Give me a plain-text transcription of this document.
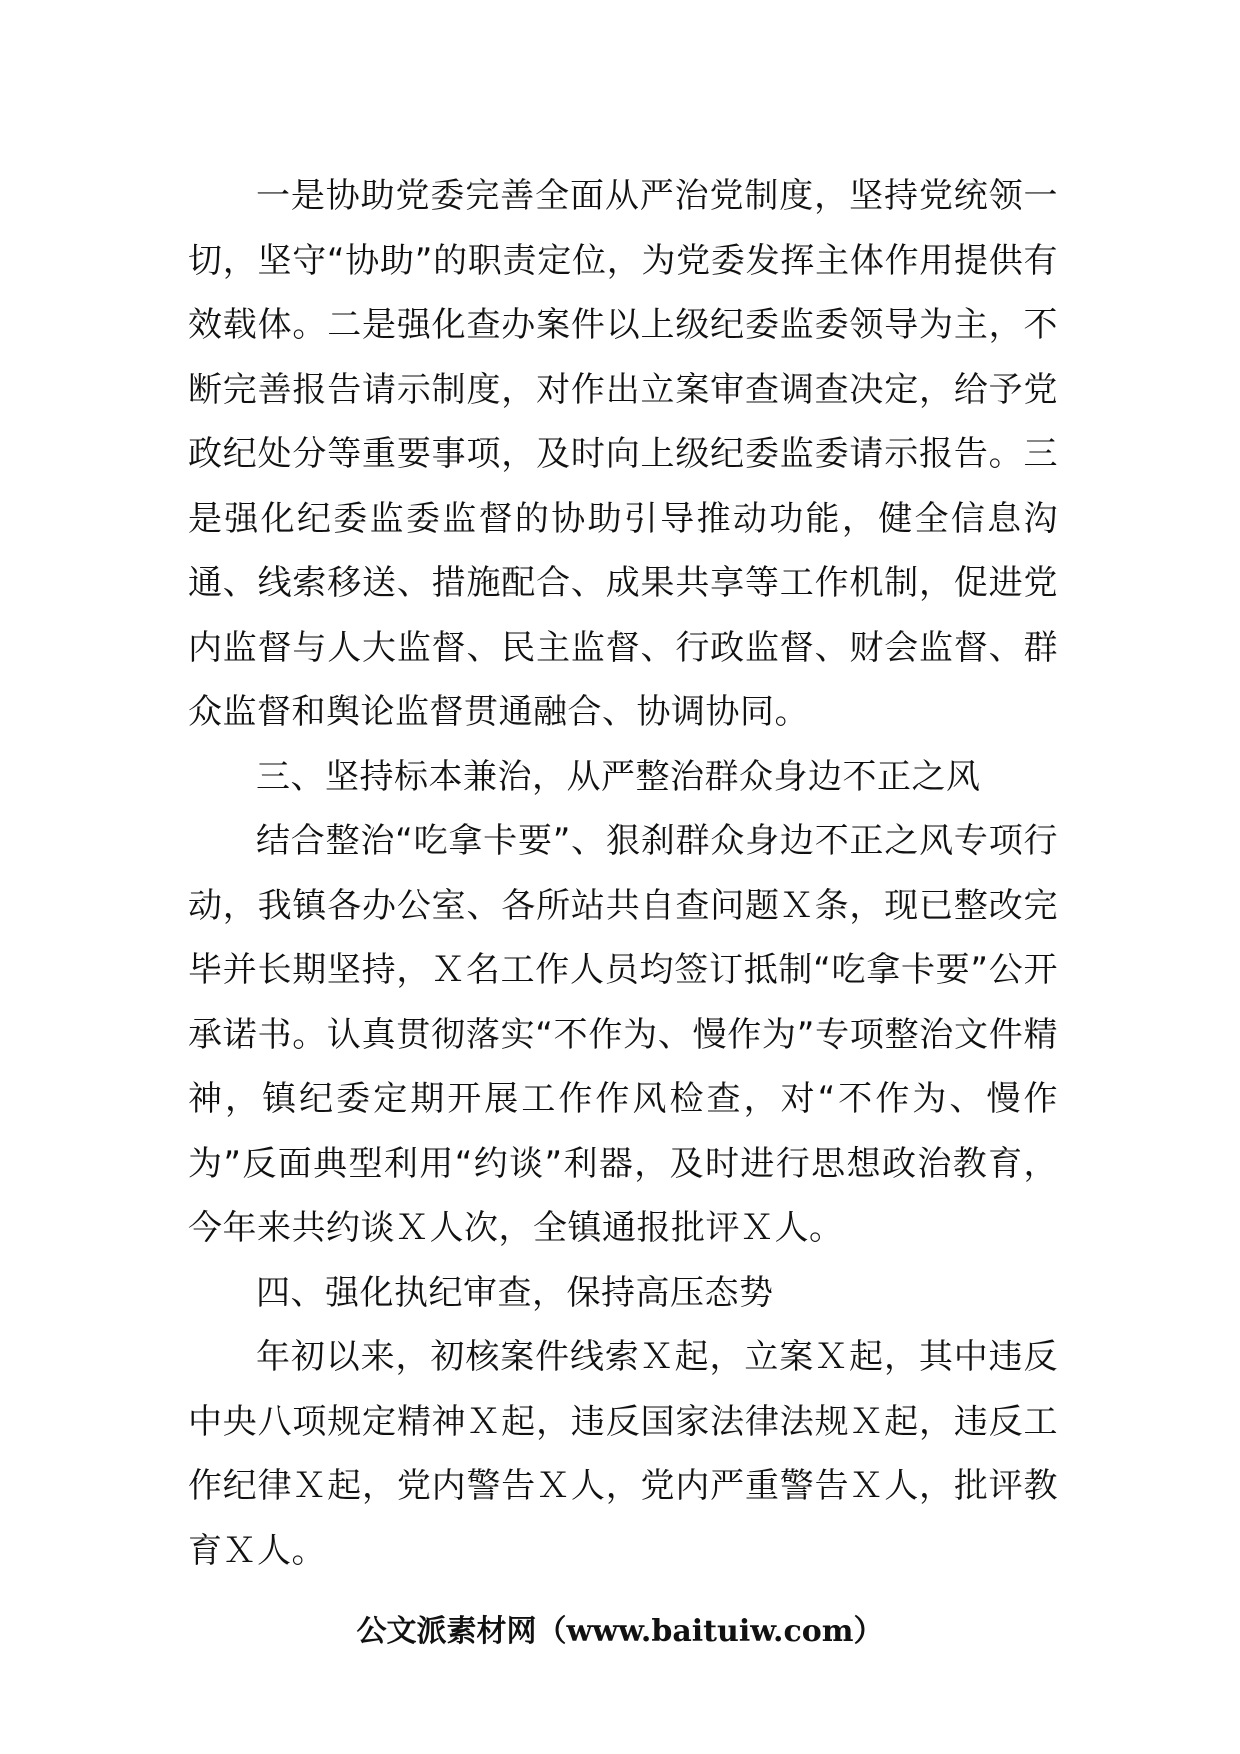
一是协助党委完善全面从严治党制度，坚持党统领一切，坚守“协助”的职责定位，为党委发挥主体作用提供有效载体。二是强化查办案件以上级纪委监委领导为主，不断完善报告请示制度，对作出立案审查调查决定，给予党政纪处分等重要事项，及时向上级纪委监委请示报告。三是强化纪委监委监督的协助引导推动功能，健全信息沟通、线索移送、措施配合、成果共享等工作机制，促进党内监督与人大监督、民主监督、行政监督、财会监督、群众监督和舆论监督贯通融合、协调协同。

三、坚持标本兼治，从严整治群众身边不正之风

结合整治“吃拿卡要”、狠刹群众身边不正之风专项行动，我镇各办公室、各所站共自查问题Ｘ条，现已整改完毕并长期坚持，Ｘ名工作人员均签订抵制“吃拿卡要”公开承诺书。认真贯彻落实“不作为、慢作为”专项整治文件精神，镇纪委定期开展工作作风检查，对“不作为、慢作为”反面典型利用“约谈”利器，及时进行思想政治教育，今年来共约谈Ｘ人次，全镇通报批评Ｘ人。

四、强化执纪审查，保持高压态势

年初以来，初核案件线索Ｘ起，立案Ｘ起，其中违反中央八项规定精神Ｘ起，违反国家法律法规Ｘ起，违反工作纪律Ｘ起，党内警告Ｘ人，党内严重警告Ｘ人，批评教育Ｘ人。

公文派素材网（www.baituiw.com）
